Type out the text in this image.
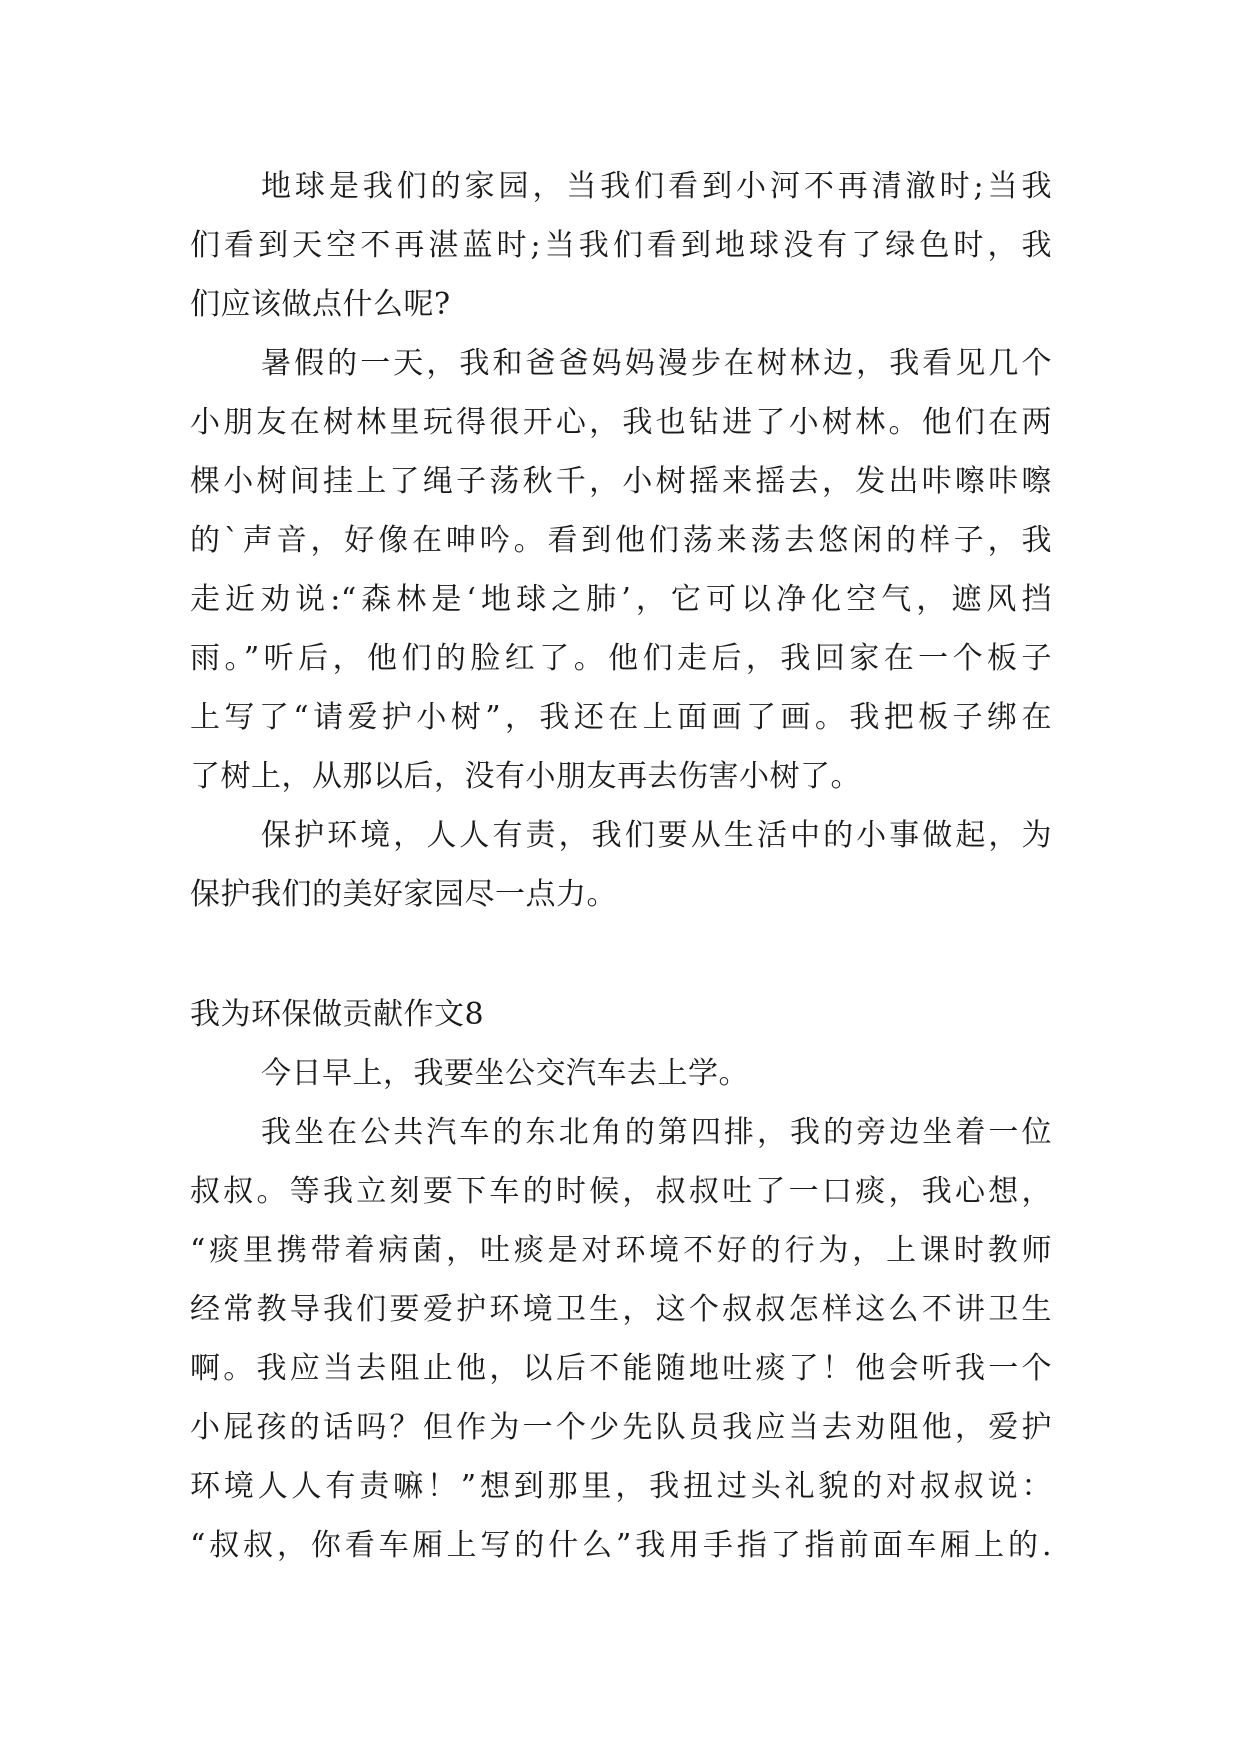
地球是我们的家园，当我们看到小河不再清澈时;当我
们看到天空不再湛蓝时;当我们看到地球没有了绿色时，我
们应该做点什么呢?
暑假的一天，我和爸爸妈妈漫步在树林边，我看见几个
小朋友在树林里玩得很开心，我也钻进了小树林。他们在两
棵小树间挂上了绳子荡秋千，小树摇来摇去，发出咔嚓咔嚓
的`声音，好像在呻吟。看到他们荡来荡去悠闲的样子，我
走近劝说:“森林是‘地球之肺’，它可以净化空气，遮风挡
雨。”听后，他们的脸红了。他们走后，我回家在一个板子
上写了“请爱护小树”，我还在上面画了画。我把板子绑在
了树上，从那以后，没有小朋友再去伤害小树了。
保护环境，人人有责，我们要从生活中的小事做起，为
保护我们的美好家园尽一点力。
我为环保做贡献作文8
今日早上，我要坐公交汽车去上学。
我坐在公共汽车的东北角的第四排，我的旁边坐着一位
叔叔。等我立刻要下车的时候，叔叔吐了一口痰，我心想，
“痰里携带着病菌，吐痰是对环境不好的行为，上课时教师
经常教导我们要爱护环境卫生，这个叔叔怎样这么不讲卫生
啊。我应当去阻止他，以后不能随地吐痰了！他会听我一个
小屁孩的话吗？但作为一个少先队员我应当去劝阻他，爱护
环境人人有责嘛！”想到那里，我扭过头礼貌的对叔叔说：
“叔叔，你看车厢上写的什么”我用手指了指前面车厢上的.
